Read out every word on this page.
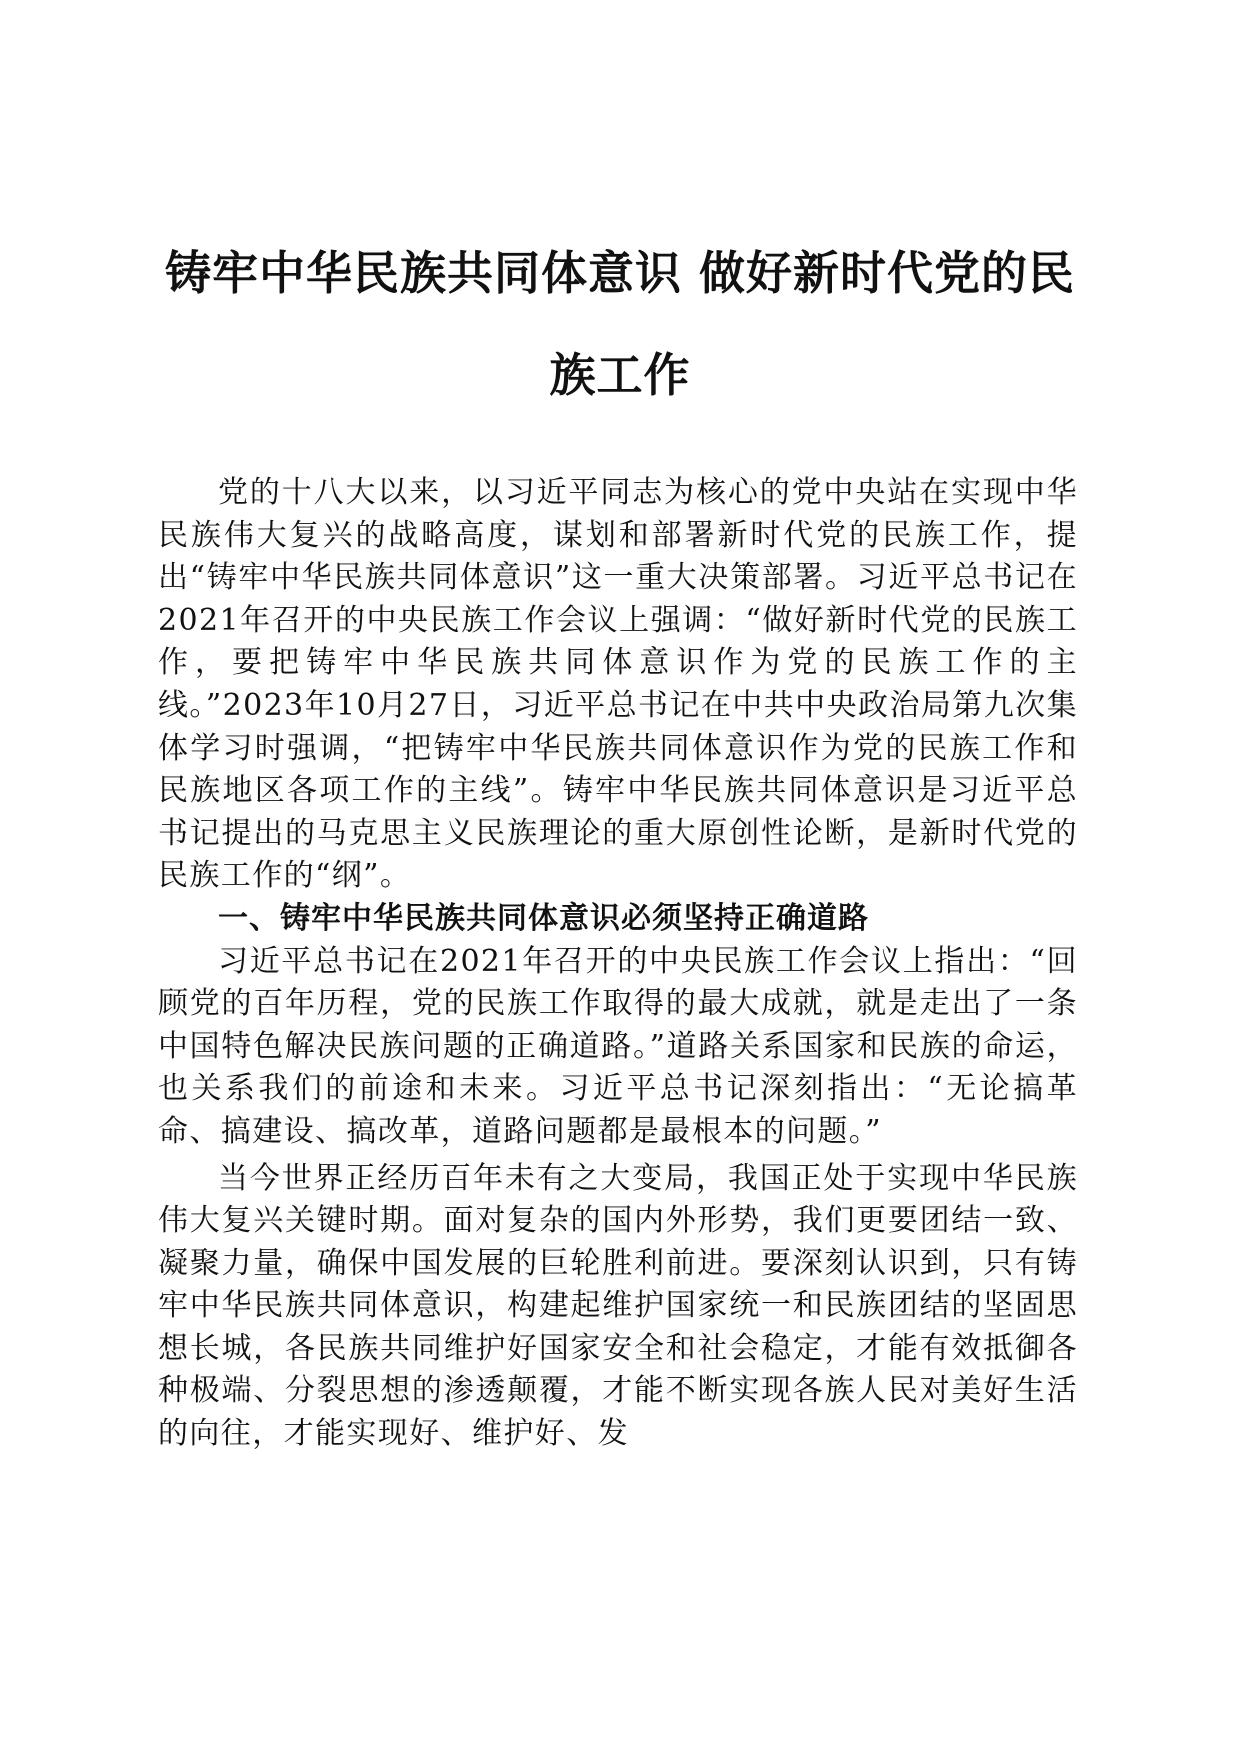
铸牢中华民族共同体意识 做好新时代党的民
族工作

党的十八大以来，以习近平同志为核心的党中央站在实现中华民族伟大复兴的战略高度，谋划和部署新时代党的民族工作，提出“铸牢中华民族共同体意识”这一重大决策部署。习近平总书记在2021年召开的中央民族工作会议上强调：“做好新时代党的民族工作，要把铸牢中华民族共同体意识作为党的民族工作的主线。”2023年10月27日，习近平总书记在中共中央政治局第九次集体学习时强调，“把铸牢中华民族共同体意识作为党的民族工作和民族地区各项工作的主线”。铸牢中华民族共同体意识是习近平总书记提出的马克思主义民族理论的重大原创性论断，是新时代党的民族工作的“纲”。

一、铸牢中华民族共同体意识必须坚持正确道路

习近平总书记在2021年召开的中央民族工作会议上指出：“回顾党的百年历程，党的民族工作取得的最大成就，就是走出了一条中国特色解决民族问题的正确道路。”道路关系国家和民族的命运，也关系我们的前途和未来。习近平总书记深刻指出：“无论搞革命、搞建设、搞改革，道路问题都是最根本的问题。”

当今世界正经历百年未有之大变局，我国正处于实现中华民族伟大复兴关键时期。面对复杂的国内外形势，我们更要团结一致、凝聚力量，确保中国发展的巨轮胜利前进。要深刻认识到，只有铸牢中华民族共同体意识，构建起维护国家统一和民族团结的坚固思想长城，各民族共同维护好国家安全和社会稳定，才能有效抵御各种极端、分裂思想的渗透颠覆，才能不断实现各族人民对美好生活的向往，才能实现好、维护好、发
